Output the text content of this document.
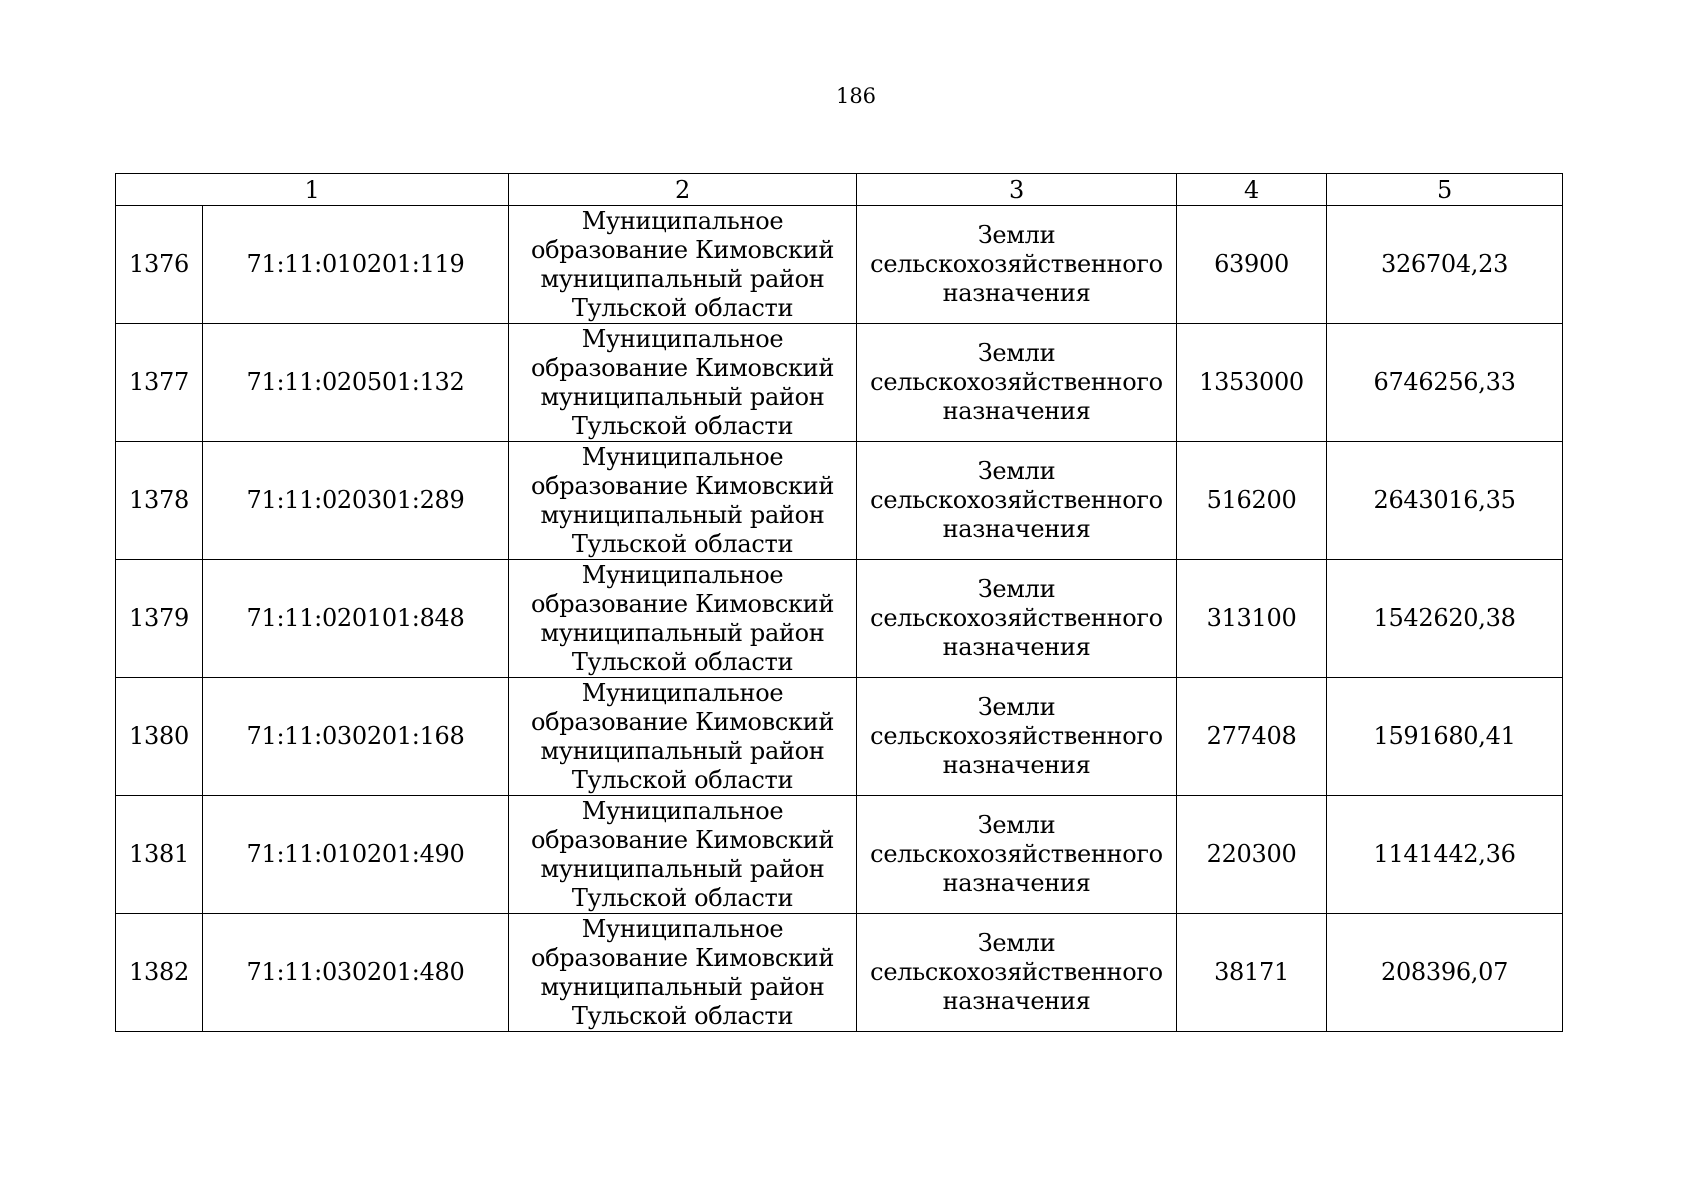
186
1		2	3	4	5
1376	71:11:010201:119	Муниципальное
образование Кимовский
муниципальный район
Тульской области	Земли
сельскохозяйственного
назначения	63900	326704,23
1377	71:11:020501:132	Муниципальное
образование Кимовский
муниципальный район
Тульской области	Земли
сельскохозяйственного
назначения	1353000	6746256,33
1378	71:11:020301:289	Муниципальное
образование Кимовский
муниципальный район
Тульской области	Земли
сельскохозяйственного
назначения	516200	2643016,35
1379	71:11:020101:848	Муниципальное
образование Кимовский
муниципальный район
Тульской области	Земли
сельскохозяйственного
назначения	313100	1542620,38
1380	71:11:030201:168	Муниципальное
образование Кимовский
муниципальный район
Тульской области	Земли
сельскохозяйственного
назначения	277408	1591680,41
1381	71:11:010201:490	Муниципальное
образование Кимовский
муниципальный район
Тульской области	Земли
сельскохозяйственного
назначения	220300	1141442,36
1382	71:11:030201:480	Муниципальное
образование Кимовский
муниципальный район
Тульской области	Земли
сельскохозяйственного
назначения	38171	208396,07
